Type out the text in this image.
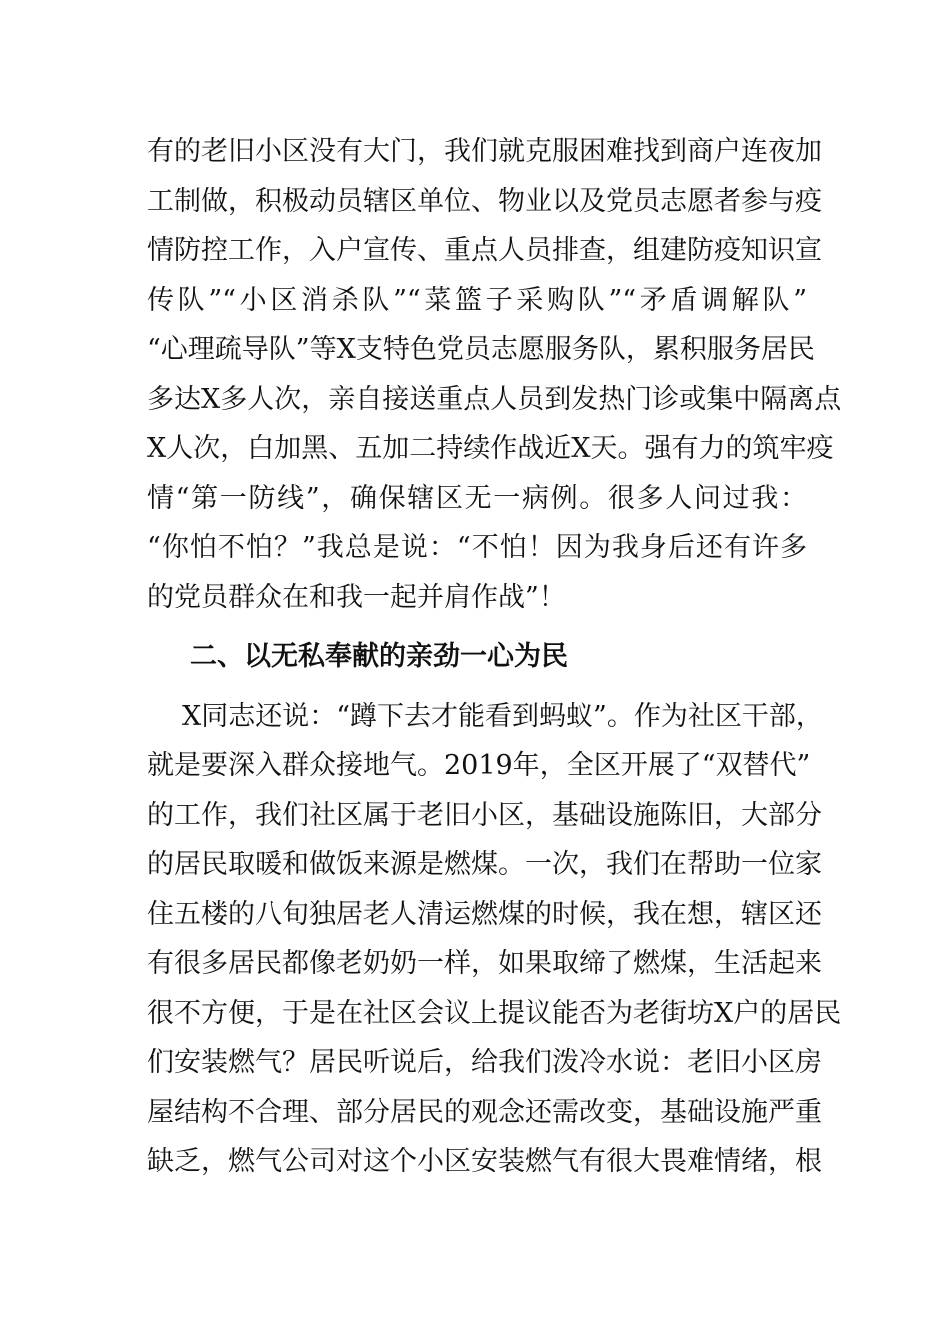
有的老旧小区没有大门，我们就克服困难找到商户连夜加
工制做，积极动员辖区单位、物业以及党员志愿者参与疫
情防控工作，入户宣传、重点人员排查，组建防疫知识宣
传队”“小区消杀队”“菜篮子采购队”“矛盾调解队”
“心理疏导队”等X支特色党员志愿服务队，累积服务居民
多达X多人次，亲自接送重点人员到发热门诊或集中隔离点
X人次，白加黑、五加二持续作战近X天。强有力的筑牢疫
情“第一防线”，确保辖区无一病例。很多人问过我：
“你怕不怕？”我总是说：“不怕！因为我身后还有许多
的党员群众在和我一起并肩作战”！
二、以无私奉献的亲劲一心为民
X同志还说：“蹲下去才能看到蚂蚁”。作为社区干部，
就是要深入群众接地气。2019年，全区开展了“双替代”
的工作，我们社区属于老旧小区，基础设施陈旧，大部分
的居民取暖和做饭来源是燃煤。一次，我们在帮助一位家
住五楼的八旬独居老人清运燃煤的时候，我在想，辖区还
有很多居民都像老奶奶一样，如果取缔了燃煤，生活起来
很不方便，于是在社区会议上提议能否为老街坊X户的居民
们安装燃气？居民听说后，给我们泼冷水说：老旧小区房
屋结构不合理、部分居民的观念还需改变，基础设施严重
缺乏，燃气公司对这个小区安装燃气有很大畏难情绪，根
